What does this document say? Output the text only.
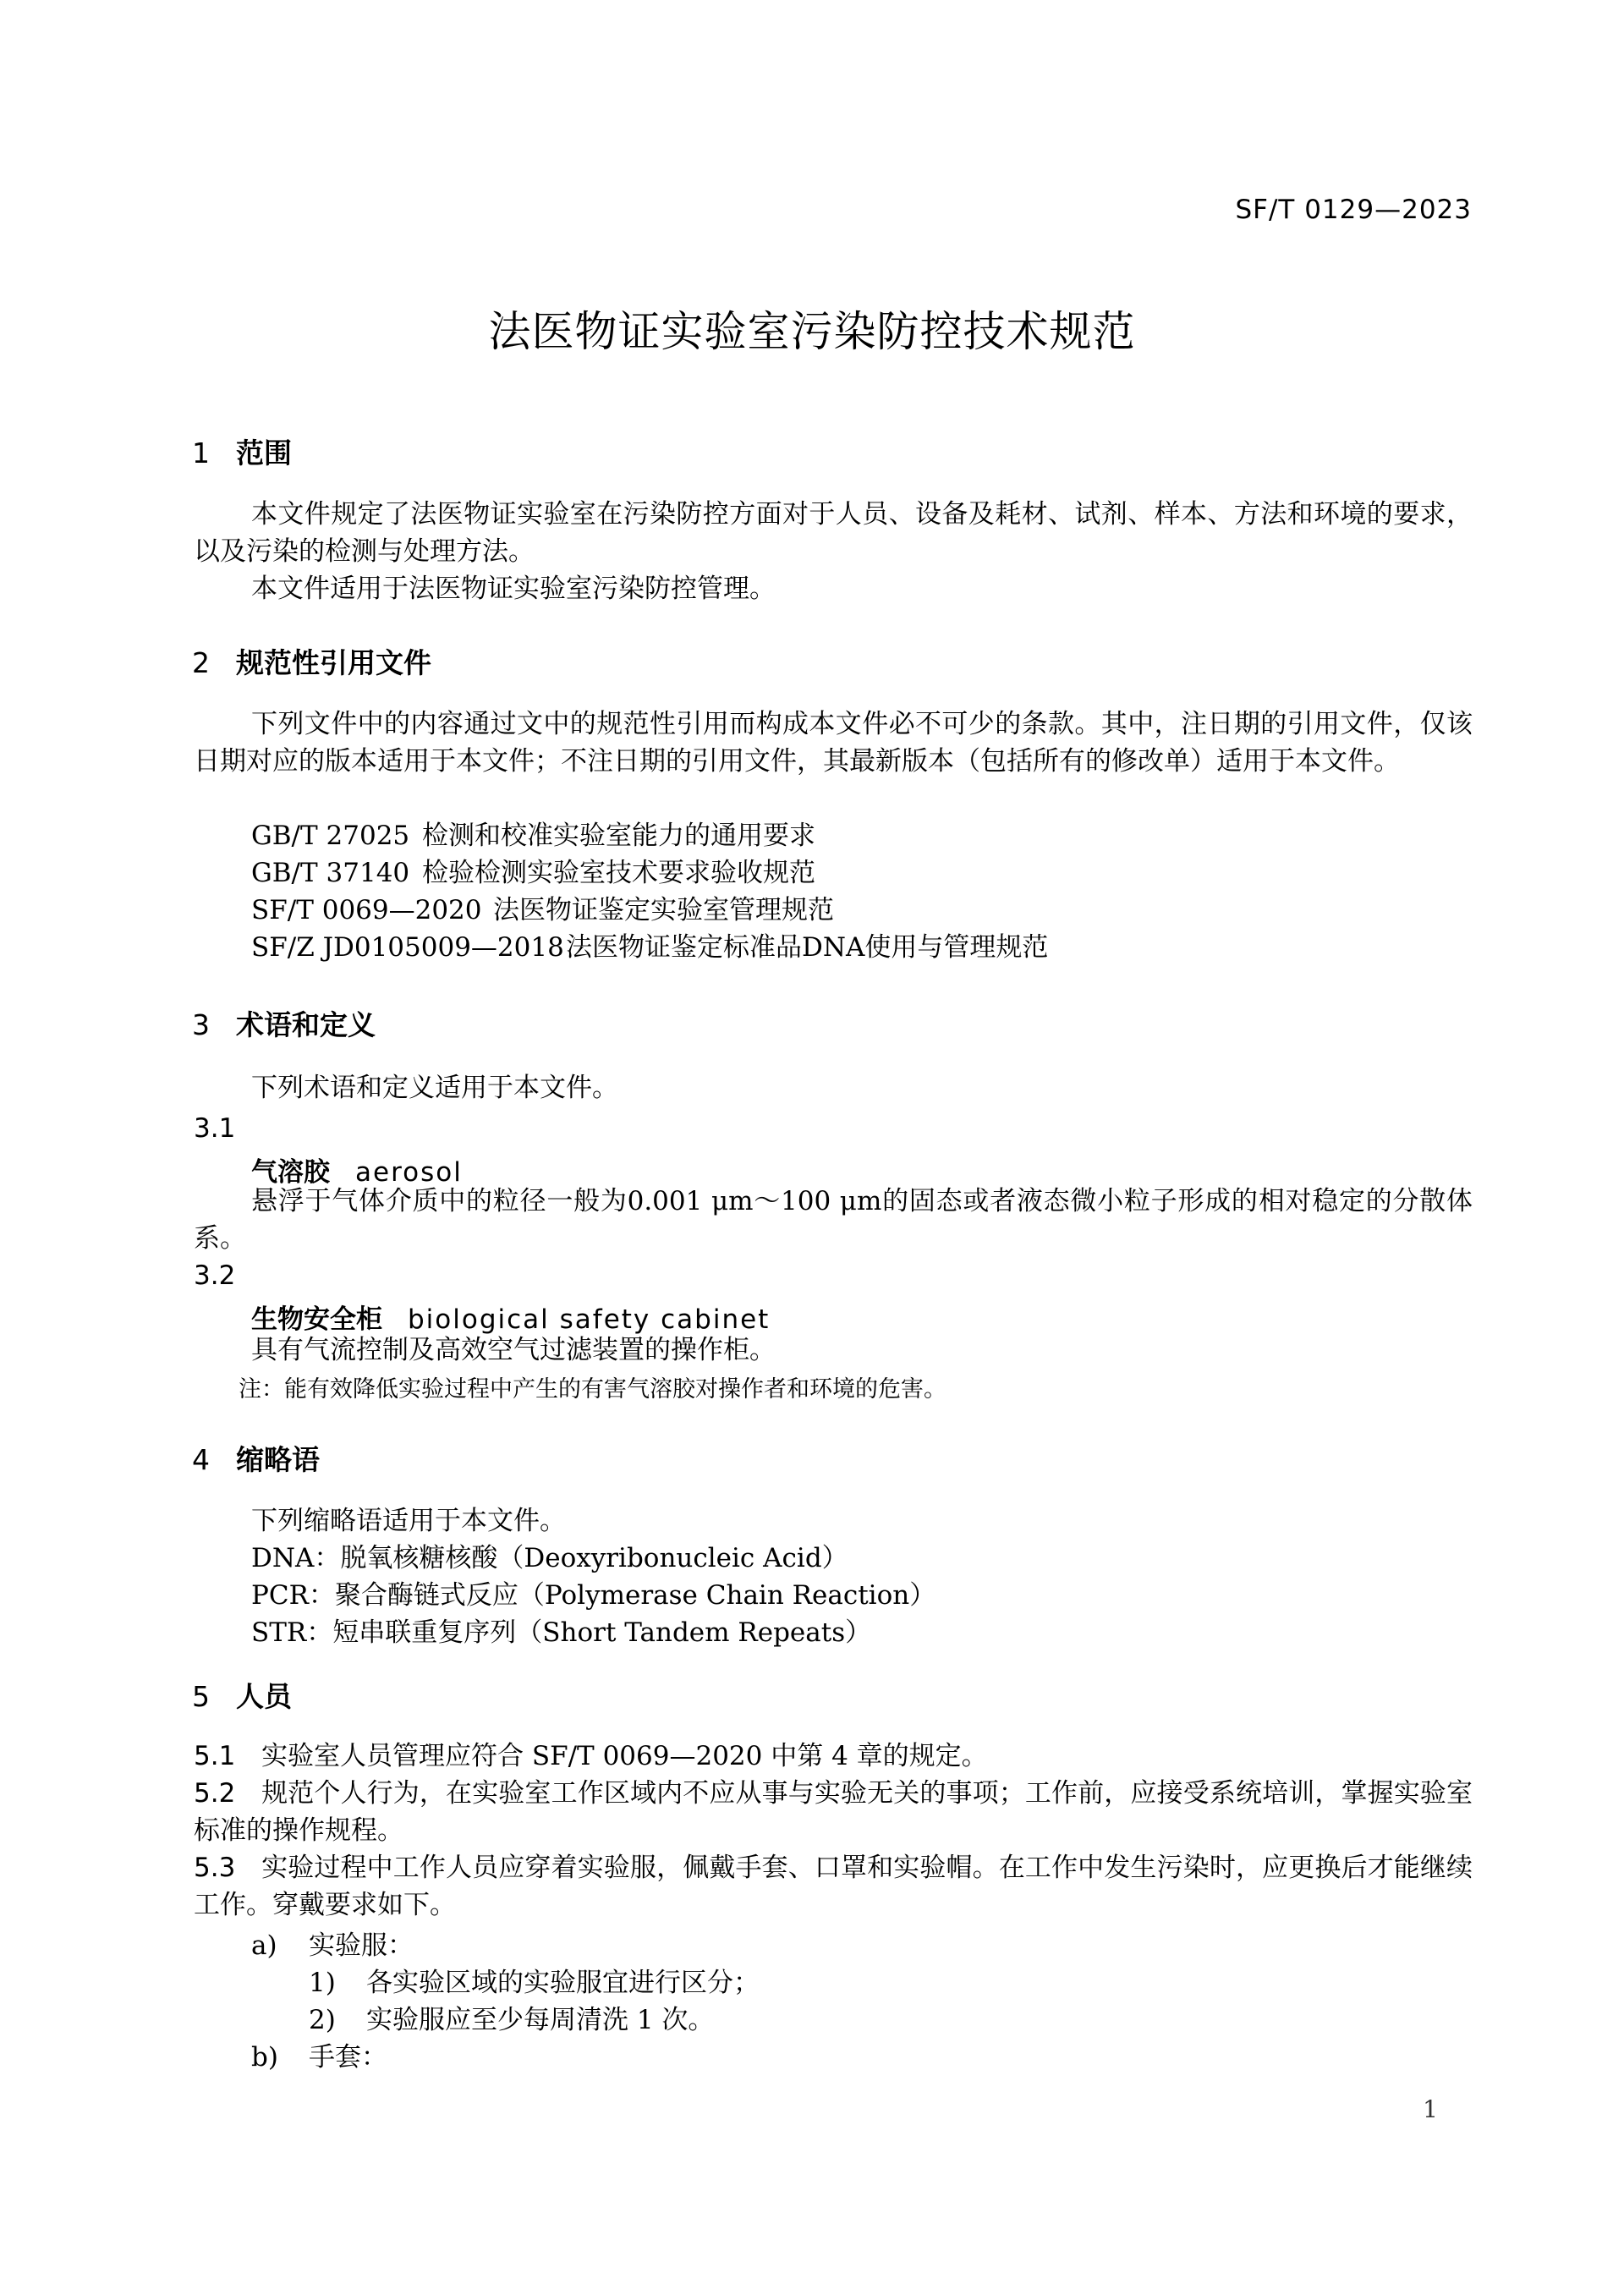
SF/T 0129—2023
法医物证实验室污染防控技术规范
1 范围
本文件规定了法医物证实验室在污染防控方面对于人员、设备及耗材、试剂、样本、方法和环境的要求，以及污染的检测与处理方法。
本文件适用于法医物证实验室污染防控管理。
2 规范性引用文件
下列文件中的内容通过文中的规范性引用而构成本文件必不可少的条款。其中，注日期的引用文件，仅该日期对应的版本适用于本文件；不注日期的引用文件，其最新版本（包括所有的修改单）适用于本文件。
GB/T 27025 检测和校准实验室能力的通用要求
GB/T 37140 检验检测实验室技术要求验收规范
SF/T 0069—2020 法医物证鉴定实验室管理规范
SF/Z JD0105009—2018法医物证鉴定标准品DNA使用与管理规范
3 术语和定义
下列术语和定义适用于本文件。
3.1
气溶胶 aerosol
悬浮于气体介质中的粒径一般为0.001 μm～100 μm的固态或者液态微小粒子形成的相对稳定的分散体系。
3.2
生物安全柜 biological safety cabinet
具有气流控制及高效空气过滤装置的操作柜。
注：能有效降低实验过程中产生的有害气溶胶对操作者和环境的危害。
4 缩略语
下列缩略语适用于本文件。
DNA：脱氧核糖核酸（Deoxyribonucleic Acid）
PCR：聚合酶链式反应（Polymerase Chain Reaction）
STR：短串联重复序列（Short Tandem Repeats）
5 人员
5.1 实验室人员管理应符合 SF/T 0069—2020 中第 4 章的规定。
5.2 规范个人行为，在实验室工作区域内不应从事与实验无关的事项；工作前，应接受系统培训，掌握实验室标准的操作规程。
5.3 实验过程中工作人员应穿着实验服，佩戴手套、口罩和实验帽。在工作中发生污染时，应更换后才能继续工作。穿戴要求如下。
a) 实验服：
1) 各实验区域的实验服宜进行区分；
2) 实验服应至少每周清洗 1 次。
b) 手套：
1
